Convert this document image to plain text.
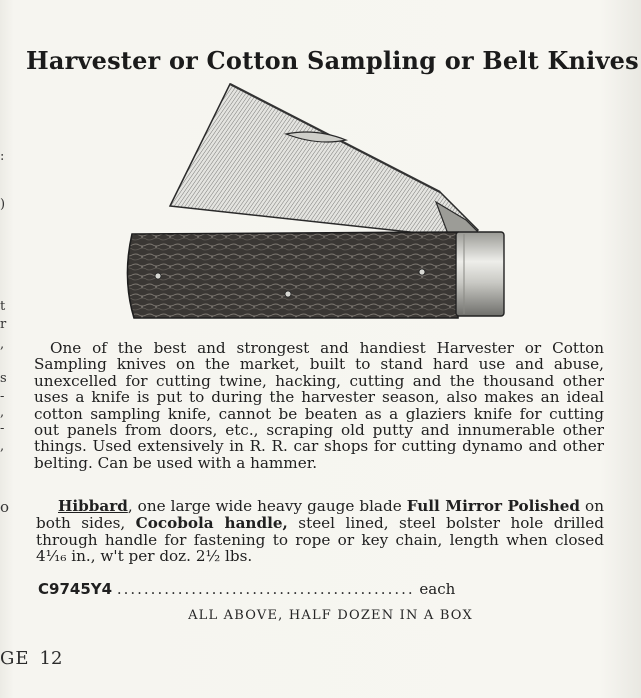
:
)
t
r
,
s
-
,
-
,
o
Harvester or Cotton Sampling or Belt Knives
One of the best and strongest and handiest Harvester or Cotton Sampling knives on the market, built to stand hard use and abuse, unexcelled for cutting twine, hacking, cutting and the thousand other uses a knife is put to during the harvester season, also makes an ideal cotton sampling knife, cannot be beaten as a glaziers knife for cutting out panels from doors, etc., scraping old putty and innumerable other things. Used extensively in R. R. car shops for cutting dynamo and other belting. Can be used with a hammer.
Hibbard, one large wide heavy gauge blade Full Mirror Polished on both sides, Cocobola handle, steel lined, steel bolster hole drilled through handle for fastening to rope or key chain, length when closed 4¹⁄₁₆ in., w't per doz. 2½ lbs.
C9745Y4 ............................................ each
ALL ABOVE, HALF DOZEN IN A BOX
GE 12
